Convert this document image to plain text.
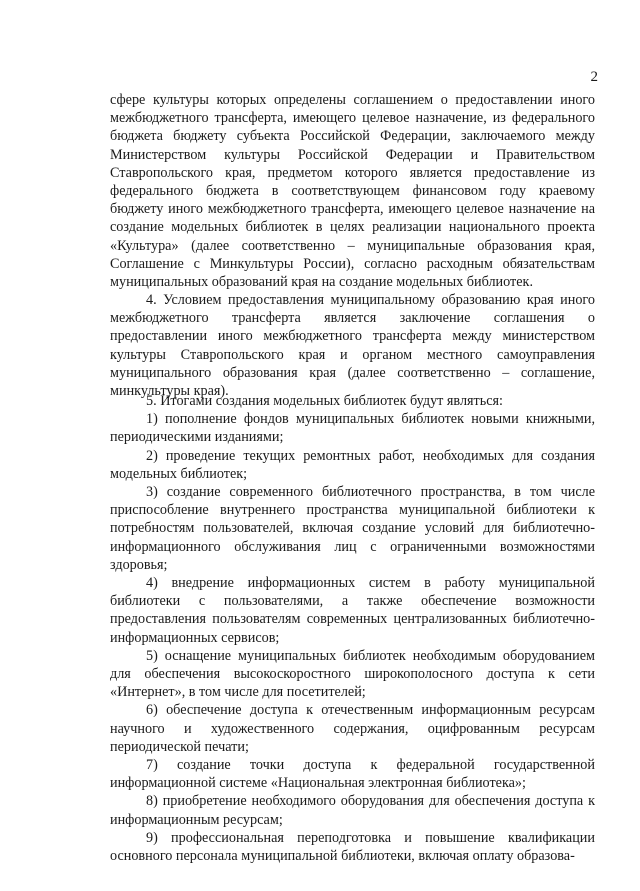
2

сфере культуры которых определены соглашением о предоставлении иного межбюджетного трансферта, имеющего целевое назначение, из федерального бюджета бюджету субъекта Российской Федерации, заключаемого между Министерством культуры Российской Федерации и Правительством Ставропольского края, предметом которого является предоставление из федерального бюджета в соответствующем финансовом году краевому бюджету иного межбюджетного трансферта, имеющего целевое назначение на создание модельных библиотек в целях реализации национального проекта «Культура» (далее соответственно – муниципальные образования края, Соглашение с Минкультуры России), согласно расходным обязательствам муниципальных образований края на создание модельных библиотек.

4. Условием предоставления муниципальному образованию края иного межбюджетного трансферта является заключение соглашения о предоставлении иного межбюджетного трансферта между министерством культуры Ставропольского края и органом местного самоуправления муниципального образования края (далее соответственно – соглашение, минкультуры края).

5. Итогами создания модельных библиотек будут являться:

1) пополнение фондов муниципальных библиотек новыми книжными, периодическими изданиями;

2) проведение текущих ремонтных работ, необходимых для создания модельных библиотек;

3) создание современного библиотечного пространства, в том числе приспособление внутреннего пространства муниципальной библиотеки к потребностям пользователей, включая создание условий для библиотечно-информационного обслуживания лиц с ограниченными возможностями здоровья;

4) внедрение информационных систем в работу муниципальной библиотеки с пользователями, а также обеспечение возможности предоставления пользователям современных централизованных библиотечно-информационных сервисов;

5) оснащение муниципальных библиотек необходимым оборудованием для обеспечения высокоскоростного широкополосного доступа к сети «Интернет», в том числе для посетителей;

6) обеспечение доступа к отечественным информационным ресурсам научного и художественного содержания, оцифрованным ресурсам периодической печати;

7) создание точки доступа к федеральной государственной информационной системе «Национальная электронная библиотека»;

8) приобретение необходимого оборудования для обеспечения доступа к информационным ресурсам;

9) профессиональная переподготовка и повышение квалификации основного персонала муниципальной библиотеки, включая оплату образова-
